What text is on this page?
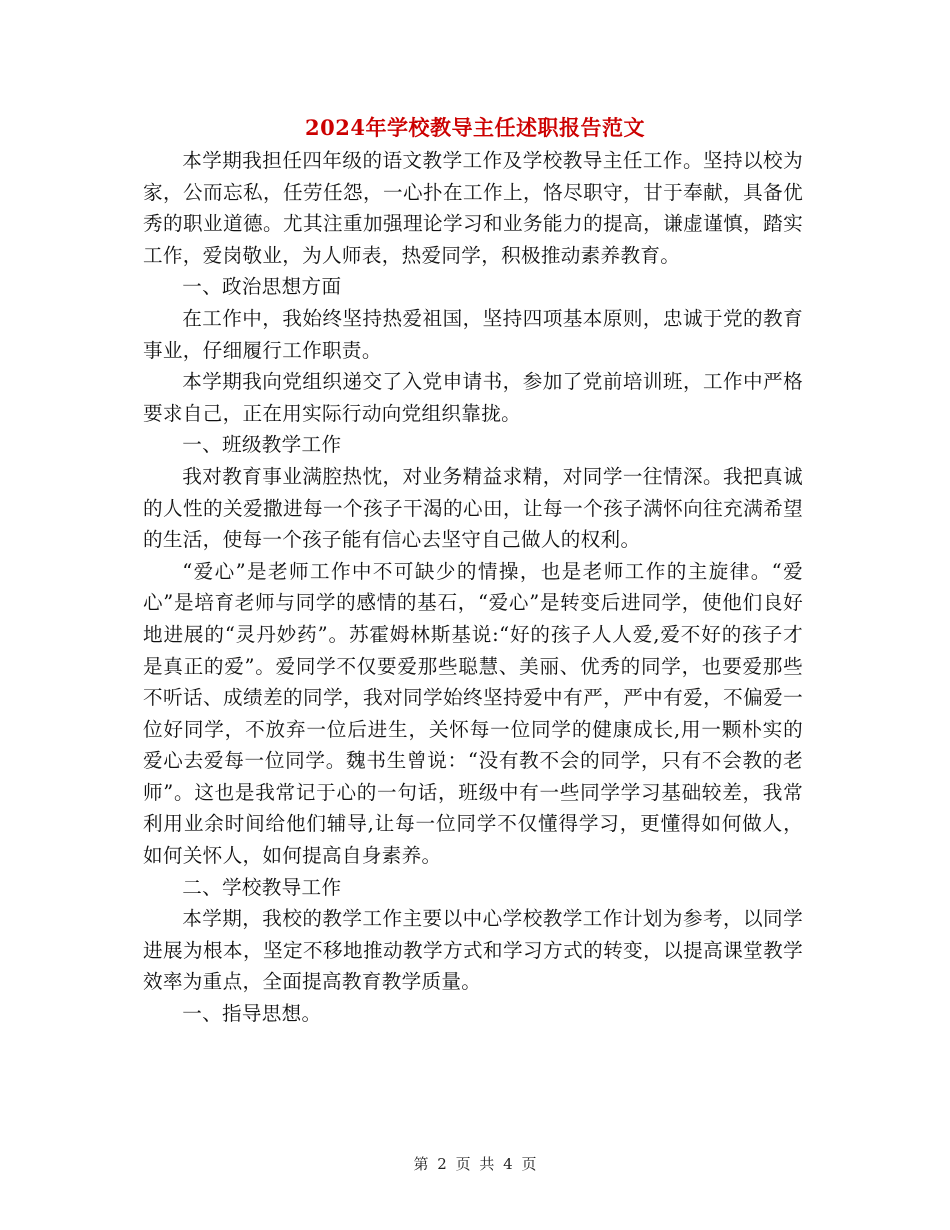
2024年学校教导主任述职报告范文

本学期我担任四年级的语文教学工作及学校教导主任工作。坚持以校为家，公而忘私，任劳任怨，一心扑在工作上，恪尽职守，甘于奉献，具备优秀的职业道德。尤其注重加强理论学习和业务能力的提高，谦虚谨慎，踏实工作，爱岗敬业，为人师表，热爱同学，积极推动素养教育。

一、政治思想方面

在工作中，我始终坚持热爱祖国，坚持四项基本原则，忠诚于党的教育事业，仔细履行工作职责。

本学期我向党组织递交了入党申请书，参加了党前培训班，工作中严格要求自己，正在用实际行动向党组织靠拢。

一、班级教学工作

我对教育事业满腔热忱，对业务精益求精，对同学一往情深。我把真诚的人性的关爱撒进每一个孩子干渴的心田，让每一个孩子满怀向往充满希望的生活，使每一个孩子能有信心去坚守自己做人的权利。

“爱心”是老师工作中不可缺少的情操，也是老师工作的主旋律。“爱心”是培育老师与同学的感情的基石，“爱心”是转变后进同学，使他们良好地进展的“灵丹妙药”。苏霍姆林斯基说:“好的孩子人人爱,爱不好的孩子才是真正的爱”。爱同学不仅要爱那些聪慧、美丽、优秀的同学，也要爱那些不听话、成绩差的同学，我对同学始终坚持爱中有严，严中有爱，不偏爱一位好同学，不放弃一位后进生，关怀每一位同学的健康成长,用一颗朴实的爱心去爱每一位同学。魏书生曾说：“没有教不会的同学，只有不会教的老师”。这也是我常记于心的一句话，班级中有一些同学学习基础较差，我常利用业余时间给他们辅导,让每一位同学不仅懂得学习，更懂得如何做人，如何关怀人，如何提高自身素养。

二、学校教导工作

本学期，我校的教学工作主要以中心学校教学工作计划为参考，以同学进展为根本，坚定不移地推动教学方式和学习方式的转变，以提高课堂教学效率为重点，全面提高教育教学质量。

一、指导思想。

第 2 页 共 4 页
